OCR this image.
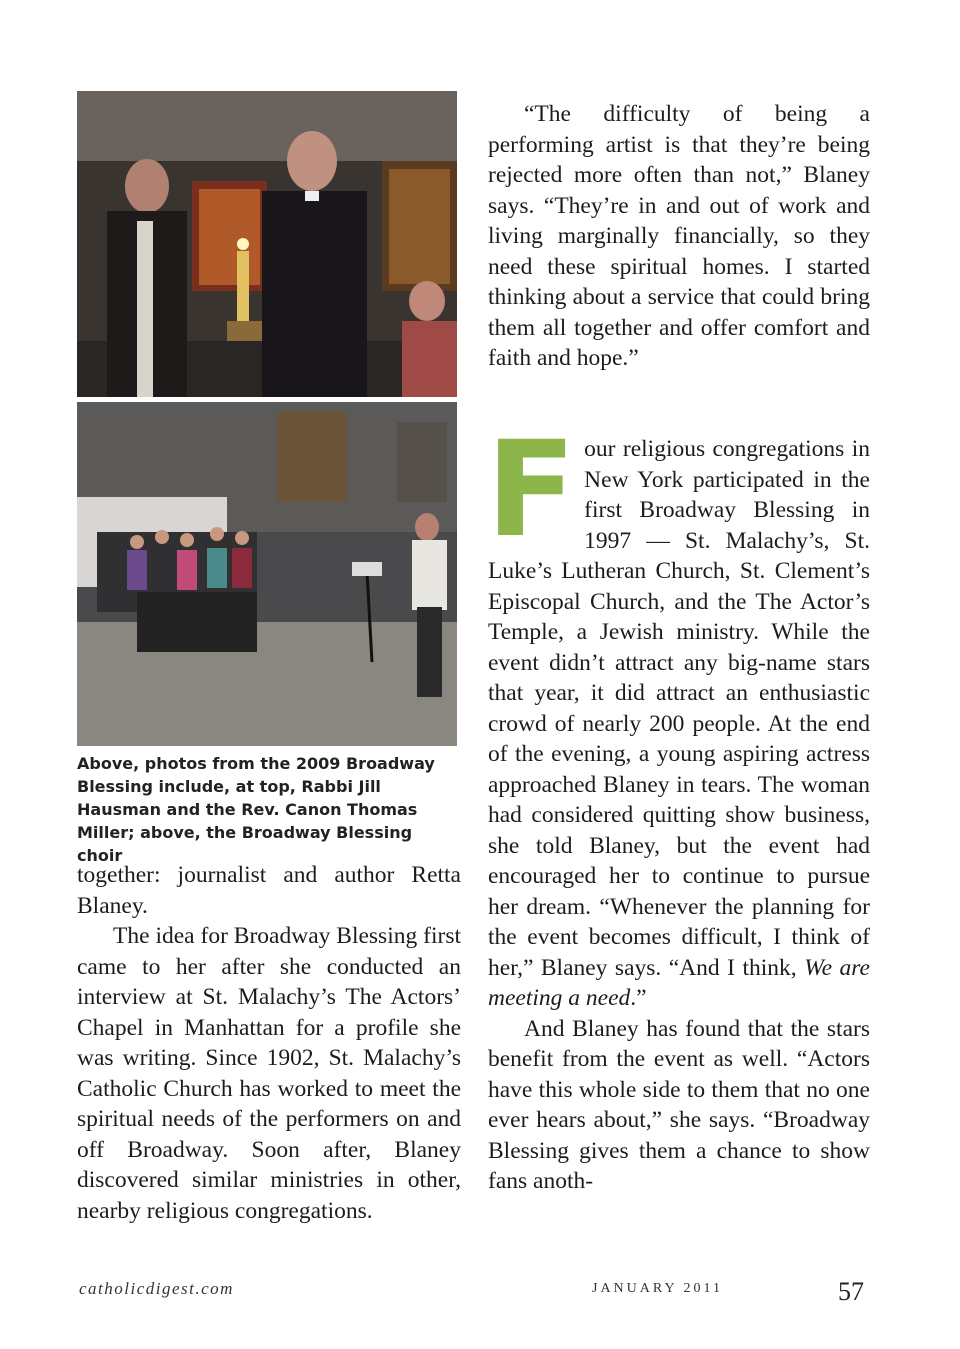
Above, photos from the 2009 Broadway Blessing include, at top, Rabbi Jill Hausman and the Rev. Canon Thomas Miller; above, the Broadway Blessing choir

together: journalist and author Retta Blaney.

The idea for Broadway Blessing first came to her after she conducted an interview at St. Malachy’s The Actors’ Chapel in Manhattan for a profile she was writing. Since 1902, St. Malachy’s Catholic Church has worked to meet the spiritual needs of the performers on and off Broadway. Soon after, Blaney discovered similar ministries in other, nearby religious congregations.

“The difficulty of being a performing artist is that they’re being rejected more often than not,” Blaney says. “They’re in and out of work and living marginally financially, so they need these spiritual homes. I started thinking about a service that could bring them all together and offer comfort and faith and hope.”

Four religious congregations in New York participated in the first Broadway Blessing in 1997 — St. Malachy’s, St. Luke’s Lutheran Church, St. Clement’s Episcopal Church, and the The Actor’s Temple, a Jewish ministry. While the event didn’t attract any big-name stars that year, it did attract an enthusiastic crowd of nearly 200 people. At the end of the evening, a young aspiring actress approached Blaney in tears. The woman had considered quitting show business, she told Blaney, but the event had encouraged her to continue to pursue her dream. “Whenever the planning for the event becomes difficult, I think of her,” Blaney says. “And I think, We are meeting a need.”

And Blaney has found that the stars benefit from the event as well. “Actors have this whole side to them that no one ever hears about,” she says. “Broadway Blessing gives them a chance to show fans anoth-

catholicdigest.com	JANUARY 2011	57
